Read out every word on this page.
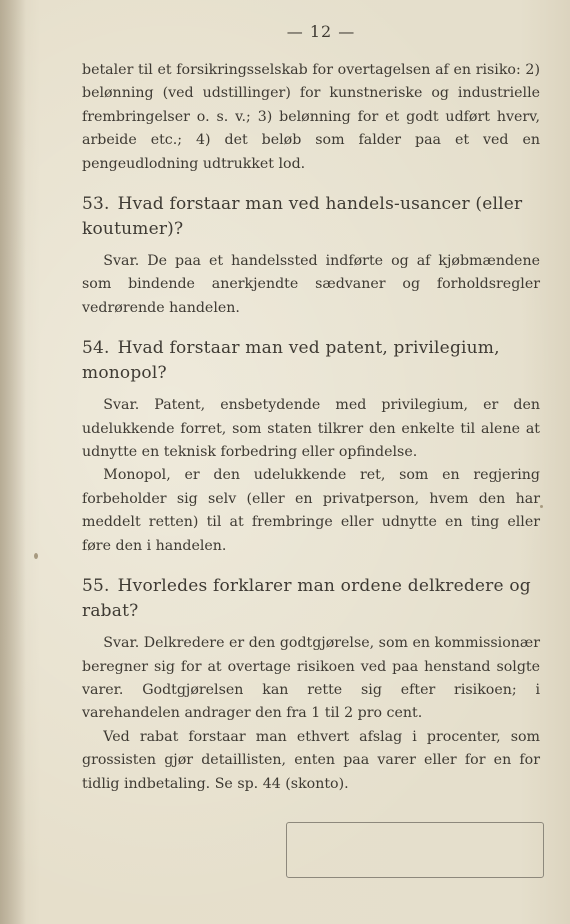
— 12 —

betaler til et forsikringsselskab for overtagelsen af en risiko: 2) belønning (ved udstillinger) for kunstneriske og industrielle frembringelser o. s. v.; 3) belønning for et godt udført hverv, arbeide etc.; 4) det beløb som falder paa et ved en pengeudlodning udtrukket lod.

53. Hvad forstaar man ved handels-usancer (eller koutumer)?

Svar. De paa et handelssted indførte og af kjøbmændene som bindende anerkjendte sædvaner og forholdsregler vedrørende handelen.

54. Hvad forstaar man ved patent, privilegium, monopol?

Svar. Patent, ensbetydende med privilegium, er den udelukkende forret, som staten tilkrer den enkelte til alene at udnytte en teknisk forbedring eller opfindelse.

Monopol, er den udelukkende ret, som en regjering forbeholder sig selv (eller en privatperson, hvem den har meddelt retten) til at frembringe eller udnytte en ting eller føre den i handelen.

55. Hvorledes forklarer man ordene delkredere og rabat?

Svar. Delkredere er den godtgjørelse, som en kommissionær beregner sig for at overtage risikoen ved paa henstand solgte varer. Godtgjørelsen kan rette sig efter risikoen; i varehandelen andrager den fra 1 til 2 pro cent.

Ved rabat forstaar man ethvert afslag i procenter, som grossisten gjør detaillisten, enten paa varer eller for en for tidlig indbetaling. Se sp. 44 (skonto).
